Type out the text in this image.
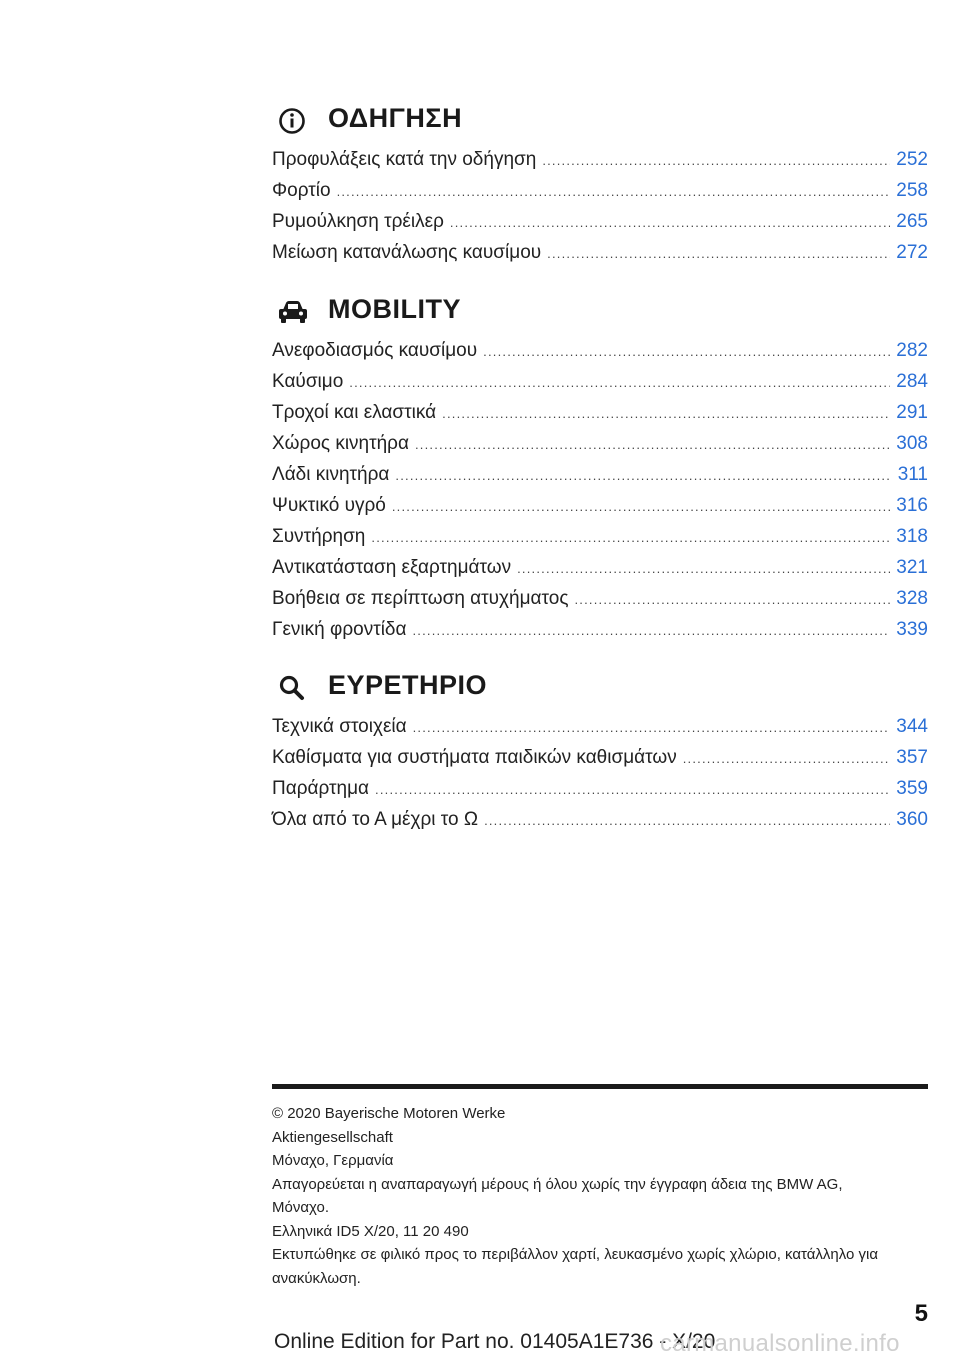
ΟΔΗΓΗΣΗ
Προφυλάξεις κατά την οδήγηση .....	252
Φορτίο .....	258
Ρυμούλκηση τρέιλερ .....	265
Μείωση κατανάλωσης καυσίμου .....	272
MOBILITY
Ανεφοδιασμός καυσίμου .....	282
Καύσιμο .....	284
Τροχοί και ελαστικά .....	291
Χώρος κινητήρα .....	308
Λάδι κινητήρα .....	311
Ψυκτικό υγρό .....	316
Συντήρηση .....	318
Αντικατάσταση εξαρτημάτων .....	321
Βοήθεια σε περίπτωση ατυχήματος .....	328
Γενική φροντίδα .....	339
ΕΥΡΕΤΗΡΙΟ
Τεχνικά στοιχεία .....	344
Καθίσματα για συστήματα παιδικών καθισμάτων .....	357
Παράρτημα .....	359
Όλα από το Α μέχρι το Ω .....	360
© 2020 Bayerische Motoren Werke
Aktiengesellschaft
Μόναχο, Γερμανία
Απαγορεύεται η αναπαραγωγή μέρους ή όλου χωρίς την έγγραφη άδεια της BMW AG,
Μόναχο.
Ελληνικά ID5 X/20, 11 20 490
Εκτυπώθηκε σε φιλικό προς το περιβάλλον χαρτί, λευκασμένο χωρίς χλώριο, κατάλληλο για
ανακύκλωση.
5
Online Edition for Part no. 01405A1E736 - X/20
carmanualsonline.info
